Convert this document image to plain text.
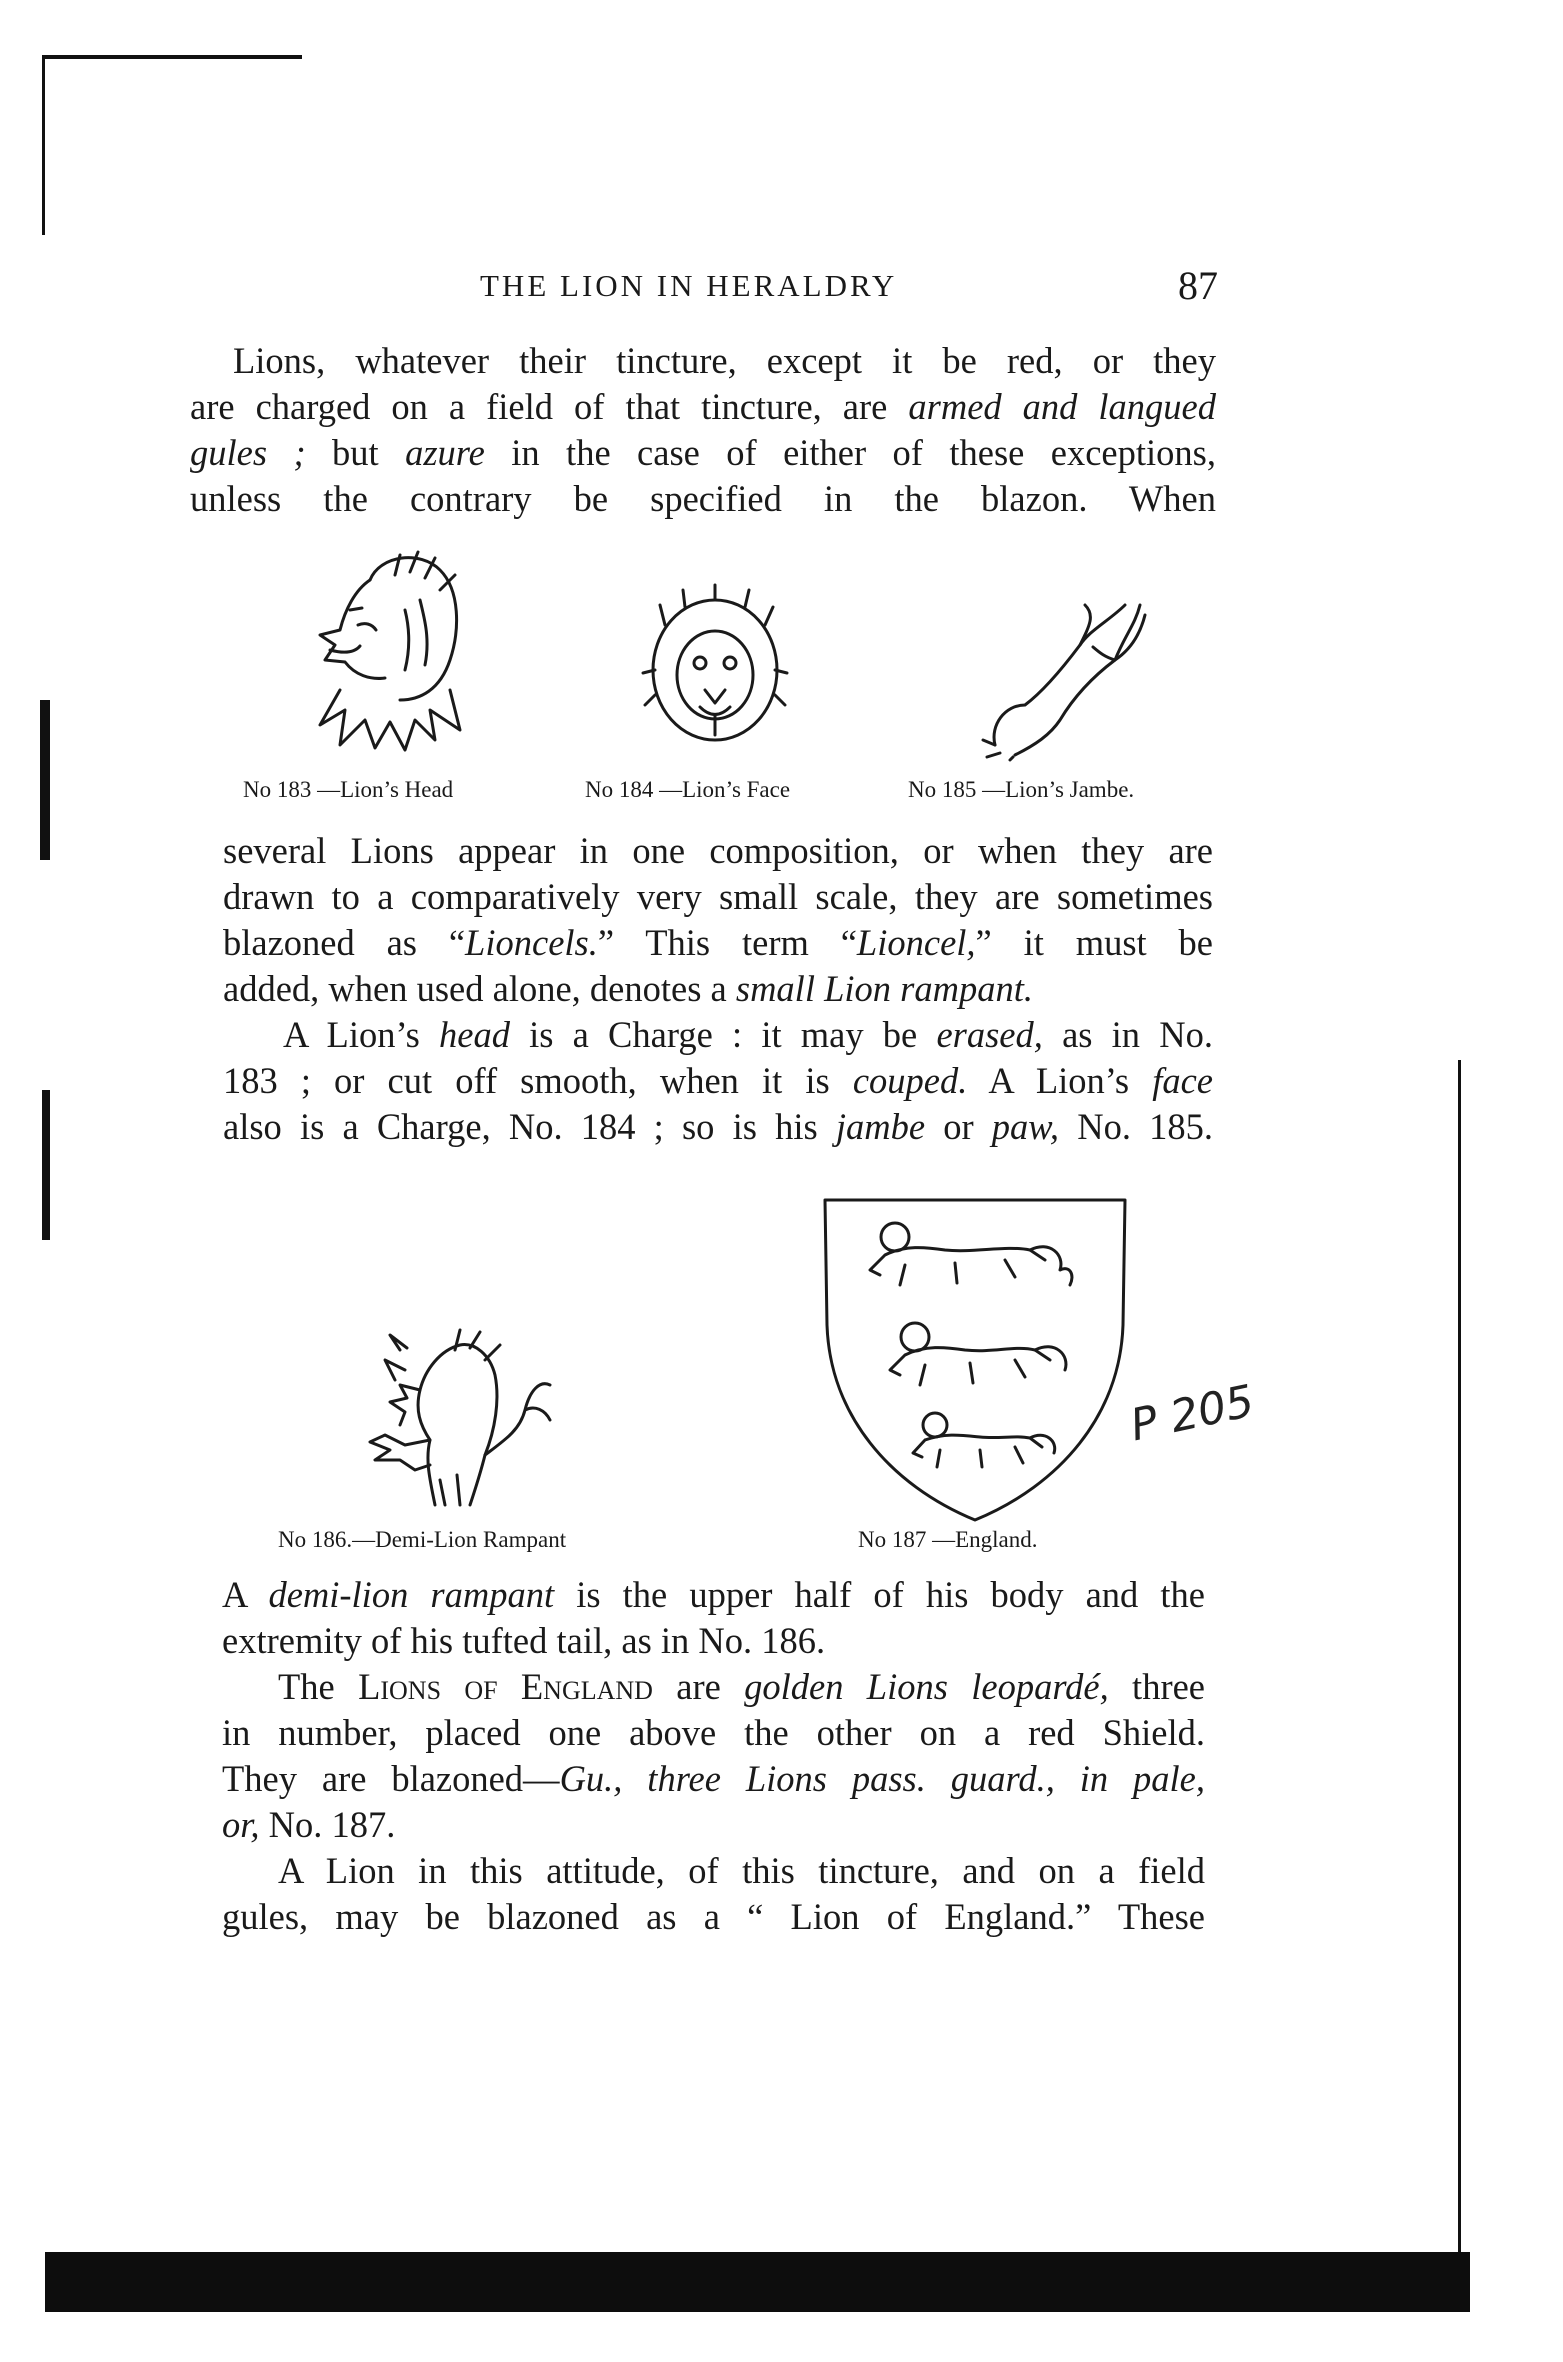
THE LION IN HERALDRY	87
Lions, whatever their tincture, except it be red, or they
are charged on a field of that tincture, are armed and langued
gules ; but azure in the case of either of these exceptions,
unless the contrary be specified in the blazon. When
No 183 —Lion’s Head	No 184 —Lion’s Face	No 185 —Lion’s Jambe.
several Lions appear in one composition, or when they are
drawn to a comparatively very small scale, they are sometimes
blazoned as “Lioncels.” This term “Lioncel,” it must be
added, when used alone, denotes a small Lion rampant.
A Lion’s head is a Charge : it may be erased, as in No.
183 ; or cut off smooth, when it is couped. A Lion’s face
also is a Charge, No. 184 ; so is his jambe or paw, No. 185.
No 186.—Demi-Lion Rampant	No 187 —England.
P 205
A demi-lion rampant is the upper half of his body and the
extremity of his tufted tail, as in No. 186.
The Lions of England are golden Lions leopardé, three
in number, placed one above the other on a red Shield.
They are blazoned—Gu., three Lions pass. guard., in pale,
or, No. 187.
A Lion in this attitude, of this tincture, and on a field
gules, may be blazoned as a “ Lion of England.” These
